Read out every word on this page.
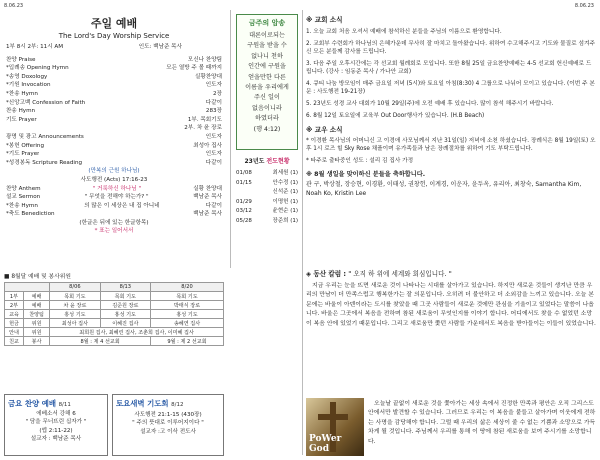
8.06.23	8.06.23
주일 예배
The Lord's Day Worship Service
1부 8시 2부: 11시 AM	인도: 백남준 목사
찬양 Praise	모신나 찬양팀
*입례송 Opening Hymn	모든 열방 주 볼 때까지
*송영 Doxology	실황찬양대
*기원 Invocation	인도자
*찬송 Hymn	2장
*신앙고백 Confession of Faith	다같이
찬송 Hymn	283장
기도 Prayer	1부. 목회기도
2부. 차 윤 장로
광명 및 광고 Announcements	인도자
*봉헌 Offering	최성아 집사
*기도 Prayer	인도자
*성경봉독 Scripture Reading	다같이
(만복의 근원 하나님)
사도행전 (Acts) 17:16-23
찬양 Anthem	" 거룩하신 하나님 "	실황 찬양대
설교 Sermon	" 무엇을 전해야 하는가? "	백남준 목사
*찬송 Hymn	의 많은 이 세상은 내 집 아니네	다같이
*축도 Benediction	백남준 목사
(한글은 뒤에 있는 한글항목)
* 표는 일어서서
■ 8월달 예배 및 봉사위원
		8/06	8/13	8/20
1부	예배	목회 기도	목회 기도	목회 기도
2부	예배	차 윤 장로	김준원 장로	박태식 장로
교육	찬양팀	홍성 기도	홍성 기도	홍성 기도
헌금	위원	최성아 집사	이혜진 집사	송혜연 집사
안내	위원	최희원 집사, 최혜린 집사, 조춘희 집사, 이미혜 집사		
친교	봉사	8월 : 제 4 선교회		9월 : 제 2 선교회
금요 찬양 예배 8/11
에베소서 강해 6
" 담을 무너뜨린 십자가 "
(엡 2:11-22)
설교자 : 백남준 목사
토요새벽 기도회 8/12
사도행전 21:1-15 (430장)
" 주의 뜻대로 이루어지이다 "
설교자 :고 이삭 전도사
금주의 암송
대론이로되는
구원을 받을 수
없나니 천하
인간에 구원을
얻을만한 다른
이름을 우리에게
주신 일이
없음이니라
하였더라
(행 4:12)
23년도 전도현황
01/08	최세원 (1)
01/15	안수정 (1)
신석준 (1)
01/29	이명헌 (1)
03/12	윤현순 (1)
05/28	장준희 (1)
※ 교회 소식

1. 오늘 교회 처음 오셔서 예배에 참석하신 분들을 주님의 이름으로 환영합니다.

2. 교회부 수련회가 하나님의 은혜가운데 무사히 잘 마치고 돌아왔습니다. 위하여 수고해주시고 기도와 물질로 섬겨주신 모든 분들께 감사를 드립니다.

3. 다음 주일 오후시간에는 각 선교회 월례회로 모입니다. 또한 8월 25일 금요찬양예배는 4-5 선교회 헌신예배로 드립니다. (강사 : 임동준 목사 / 가나안 교회)

4. 큐티 나눔 방모임이 매주 금요일 저녁 (5시)와 토요일 아침(8:30) 4 그룹으로 나뉘어 모이고 있습니다. (이번 주 본문 : 사도행전 19-21장)

5. 23년도 성경 교사 대회가 10월 29일(주)에 오전 예배 후 있습니다. 많이 참석 해주시기 바랍니다.

6. 8월 12일 토요일에 교육부 Out Door행사가 있습니다. (H.B Beach)

※ 교우 소식

* 이경환 목사님의 어머니신 고 이경애 사모님께서 지난 31일(일) 저녁에 소천 하셨습니다. 장례식은 8월 19일(토) 오후 1시 로즈 힐 Sky Rose 채플이며 유가족들과 남은 장례절차를 위하여 기도 부탁드립니다.

* 타주로 출타중인 성도 : 설리 김 집사 가정

※ 8월 생일을 맞이하신 분들을 축하합니다.
관 구, 박상철, 장승현, 이경환, 이태성, 권창헌, 이계경, 이운자, 윤두옥, 유리아, 최창숙, Samantha Kim, Noah Ko, Kristin Lee
◈ 동산 칼럼 : " 오직 하 위에 세계와 회심입니다. "
PoWer God
지금 우리는 눈을 뜨면 새로운 것이 나타나는 시대를 살아가고 있습니다. 하지만 새로운 것들이 생겨난 만큼 우리의 만남이 더 만족스럽고 행복한가는 잘 의문입니다. 오히려 더 불안하고 더 소외감을 느끼고 있습니다. 오늘 본문에는 바울이 아덴이라는 도시를 찾았을 때 그곳 사람들이 새로운 것에만 관심을 기울이고 있었다는 말씀이 나옵니다. 바울은 그곳에서 복음을 전하며 참된 새로움이 무엇인지를 이야기 합니다. 어디에서도 찾을 수 없었던 소망이 복음 안에 있었기 때문입니다. 그리고 새로움만 쫓던 사람들 가운데서도 복음을 받아들이는 이들이 있었습니다.
오늘날 끝없이 새로운 것을 쫓아가는 세상 속에서 진정한 만족과 평안은 오직 그리스도 안에서만 발견할 수 있습니다. 그러므로 우리는 이 복음을 붙들고 살아가며 이웃에게 전하는 사명을 감당해야 합니다. 그럴 때 우리의 삶은 세상이 줄 수 없는 기쁨과 소망으로 가득 차게 될 것입니다. 주님께서 우리를 통해 이 땅에 참된 새로움을 보여 주시기를 소망합니다.
